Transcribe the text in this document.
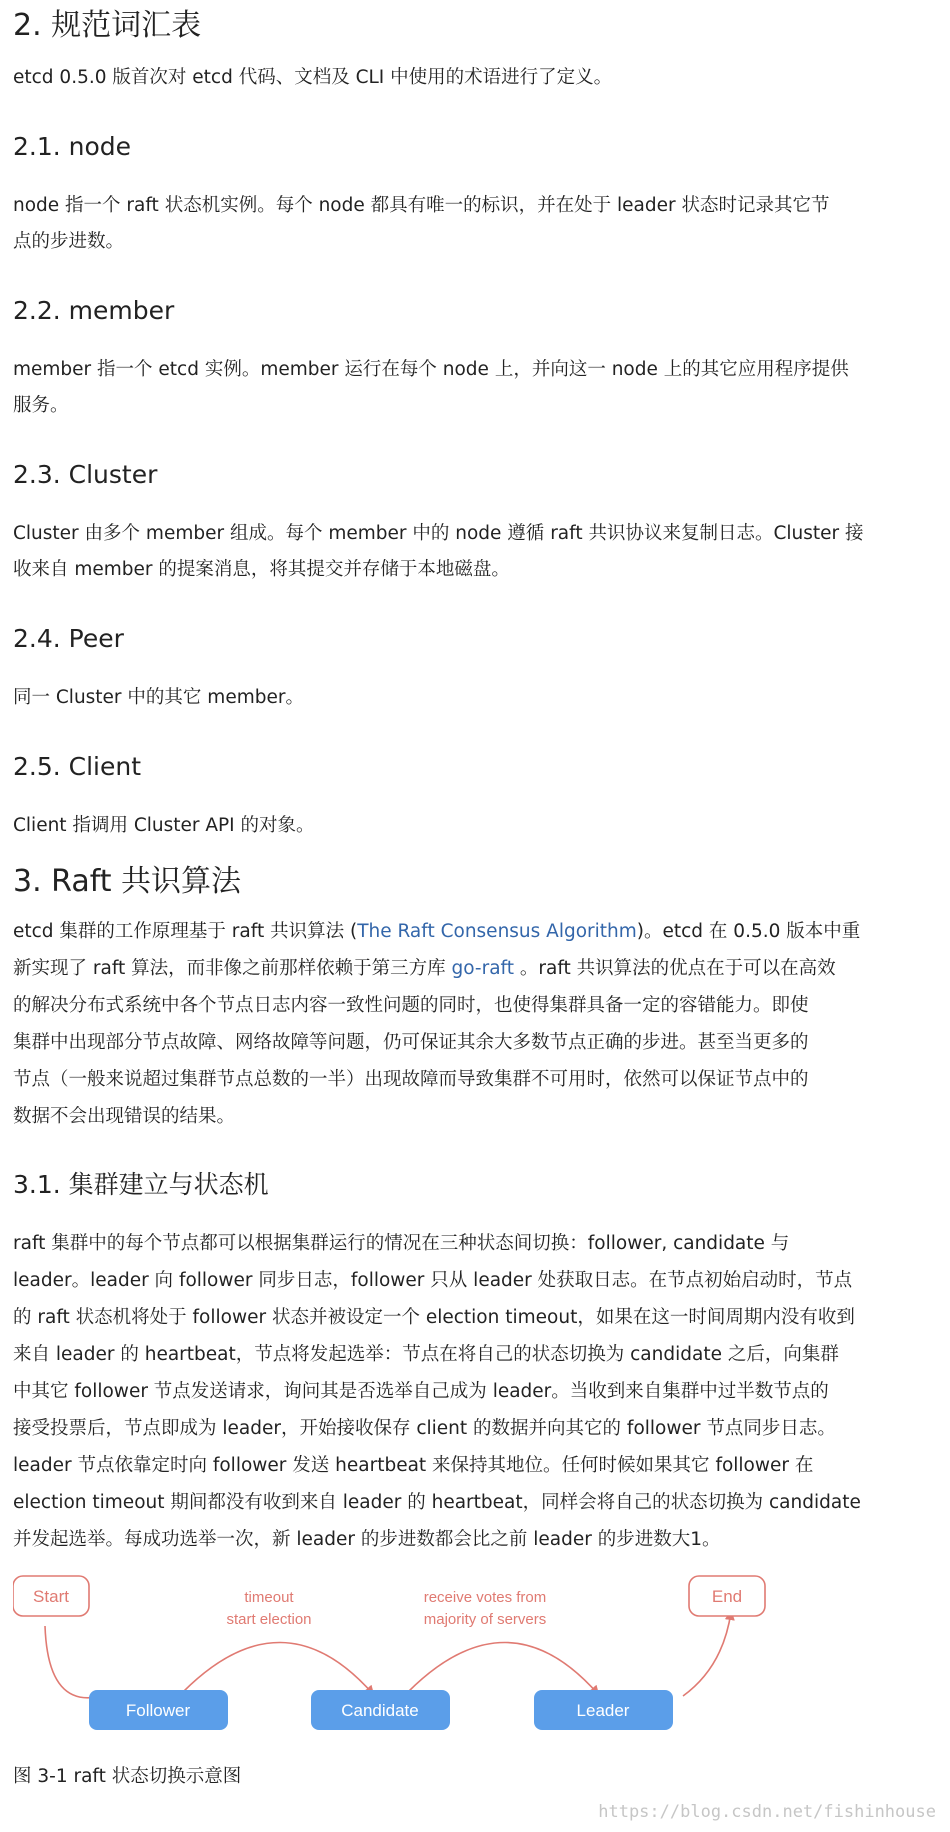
2. 规范词汇表

etcd 0.5.0 版首次对 etcd 代码、文档及 CLI 中使用的术语进行了定义。

2.1. node

node 指一个 raft 状态机实例。每个 node 都具有唯一的标识，并在处于 leader 状态时记录其它节

点的步进数。

2.2. member

member 指一个 etcd 实例。member 运行在每个 node 上，并向这一 node 上的其它应用程序提供

服务。

2.3. Cluster

Cluster 由多个 member 组成。每个 member 中的 node 遵循 raft 共识协议来复制日志。Cluster 接

收来自 member 的提案消息，将其提交并存储于本地磁盘。

2.4. Peer

同一 Cluster 中的其它 member。

2.5. Client

Client 指调用 Cluster API 的对象。

3. Raft 共识算法

etcd 集群的工作原理基于 raft 共识算法 (The Raft Consensus Algorithm)。etcd 在 0.5.0 版本中重

新实现了 raft 算法，而非像之前那样依赖于第三方库 go-raft 。raft 共识算法的优点在于可以在高效

的解决分布式系统中各个节点日志内容一致性问题的同时，也使得集群具备一定的容错能力。即使

集群中出现部分节点故障、网络故障等问题，仍可保证其余大多数节点正确的步进。甚至当更多的

节点（一般来说超过集群节点总数的一半）出现故障而导致集群不可用时，依然可以保证节点中的

数据不会出现错误的结果。

3.1. 集群建立与状态机

raft 集群中的每个节点都可以根据集群运行的情况在三种状态间切换：follower, candidate 与

leader。leader 向 follower 同步日志，follower 只从 leader 处获取日志。在节点初始启动时，节点

的 raft 状态机将处于 follower 状态并被设定一个 election timeout，如果在这一时间周期内没有收到

来自 leader 的 heartbeat，节点将发起选举：节点在将自己的状态切换为 candidate 之后，向集群

中其它 follower 节点发送请求，询问其是否选举自己成为 leader。当收到来自集群中过半数节点的

接受投票后，节点即成为 leader，开始接收保存 client 的数据并向其它的 follower 节点同步日志。

leader 节点依靠定时向 follower 发送 heartbeat 来保持其地位。任何时候如果其它 follower 在

election timeout 期间都没有收到来自 leader 的 heartbeat，同样会将自己的状态切换为 candidate

并发起选举。每成功选举一次，新 leader 的步进数都会比之前 leader 的步进数大1。

Start	End
Follower	Candidate	Leader
timeout
start election
receive votes from
majority of servers
图 3-1 raft 状态切换示意图
https://blog.csdn.net/fishinhouse
